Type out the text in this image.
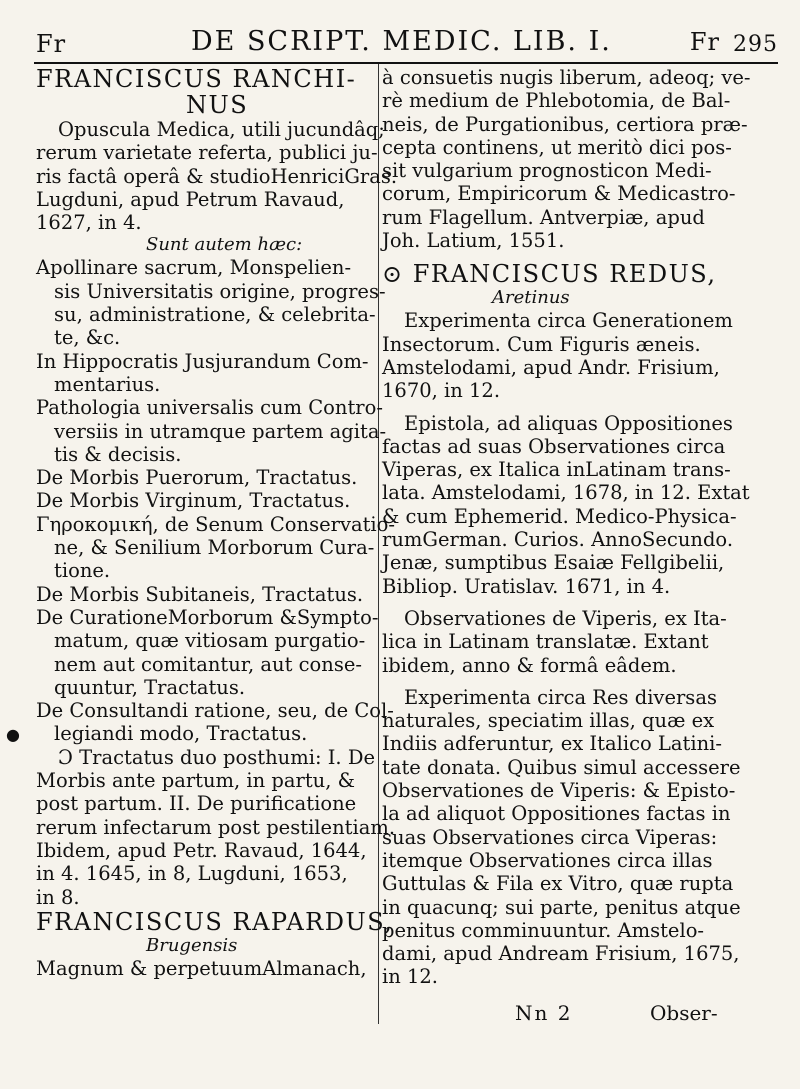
Fr	DE SCRIPT. MEDIC. LIB. I.	Fr 295
FRANCISCUS RANCHI-
NUS
Opuscula Medica, utili jucundâq;
rerum varietate referta, publici ju-
ris factâ operâ & studioHenriciGras.
Lugduni, apud Petrum Ravaud,
1627, in 4.
Sunt autem hæc:
Apollinare sacrum, Monspelien-
sis Universitatis origine, progres-
su, administratione, & celebrita-
te, &c.
In Hippocratis Jusjurandum Com-
mentarius.
Pathologia universalis cum Contro-
versiis in utramque partem agita-
tis & decisis.
De Morbis Puerorum, Tractatus.
De Morbis Virginum, Tractatus.
Γηροκομική, de Senum Conservatio-
ne, & Senilium Morborum Cura-
tione.
De Morbis Subitaneis, Tractatus.
De CurationeMorborum &Sympto-
matum, quæ vitiosam purgatio-
nem aut comitantur, aut conse-
quuntur, Tractatus.
De Consultandi ratione, seu, de Col-
legiandi modo, Tractatus.
Ɔ Tractatus duo posthumi: I. De
Morbis ante partum, in partu, &
post partum. II. De purificatione
rerum infectarum post pestilentiam.
Ibidem, apud Petr. Ravaud, 1644,
in 4. 1645, in 8, Lugduni, 1653,
in 8.
FRANCISCUS RAPARDUS,
Brugensis
Magnum & perpetuumAlmanach,
à consuetis nugis liberum, adeoq; ve-
rè medium de Phlebotomia, de Bal-
neis, de Purgationibus, certiora præ-
cepta continens, ut meritò dici pos-
sit vulgarium prognosticon Medi-
corum, Empiricorum & Medicastro-
rum Flagellum. Antverpiæ, apud
Joh. Latium, 1551.
⊙ FRANCISCUS REDUS,
Aretinus
Experimenta circa Generationem
Insectorum. Cum Figuris æneis.
Amstelodami, apud Andr. Frisium,
1670, in 12.
Epistola, ad aliquas Oppositiones
factas ad suas Observationes circa
Viperas, ex Italica inLatinam trans-
lata. Amstelodami, 1678, in 12. Extat
& cum Ephemerid. Medico-Physica-
rumGerman. Curios. AnnoSecundo.
Jenæ, sumptibus Esaiæ Fellgibelii,
Bibliop. Uratislav. 1671, in 4.
Observationes de Viperis, ex Ita-
lica in Latinam translatæ. Extant
ibidem, anno & formâ eâdem.
Experimenta circa Res diversas
naturales, speciatim illas, quæ ex
Indiis adferuntur, ex Italico Latini-
tate donata. Quibus simul accessere
Observationes de Viperis: & Episto-
la ad aliquot Oppositiones factas in
suas Observationes circa Viperas:
itemque Observationes circa illas
Guttulas & Fila ex Vitro, quæ rupta
in quacunq; sui parte, penitus atque
penitus comminuuntur. Amstelo-
dami, apud Andream Frisium, 1675,
in 12.
●
Nn 2	Obser-
